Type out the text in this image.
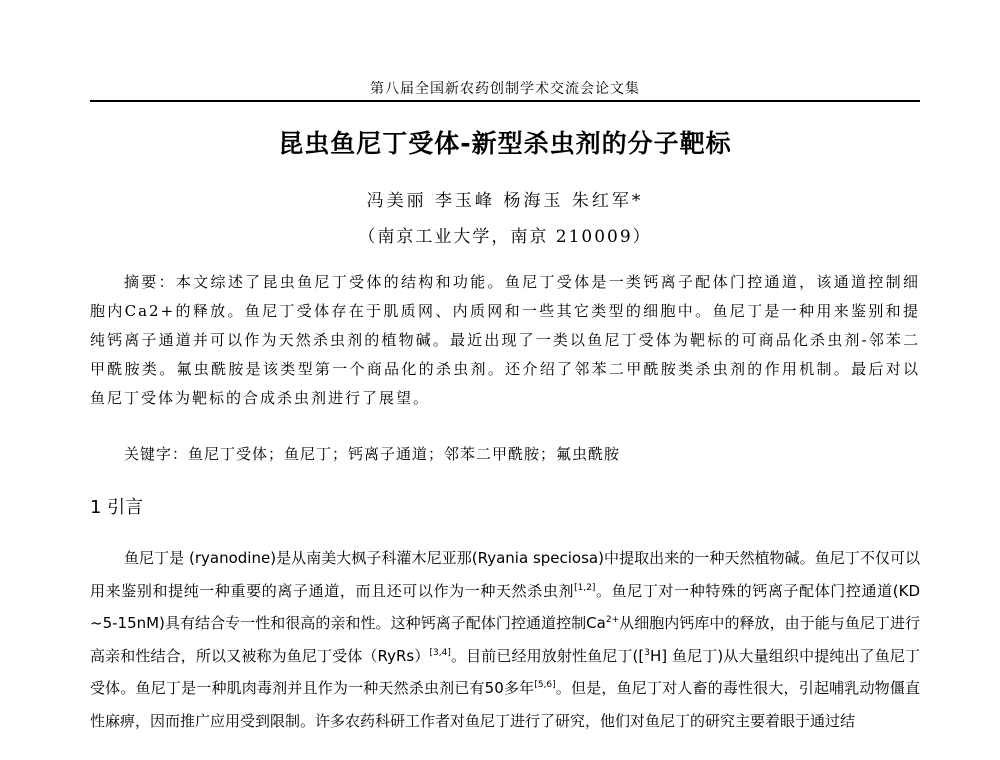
第八届全国新农药创制学术交流会论文集
昆虫鱼尼丁受体-新型杀虫剂的分子靶标
冯美丽 李玉峰 杨海玉 朱红军*
（南京工业大学，南京 210009）
摘要：本文综述了昆虫鱼尼丁受体的结构和功能。鱼尼丁受体是一类钙离子配体门控通道，该通道控制细胞内Ca2+的释放。鱼尼丁受体存在于肌质网、内质网和一些其它类型的细胞中。鱼尼丁是一种用来鉴别和提纯钙离子通道并可以作为天然杀虫剂的植物碱。最近出现了一类以鱼尼丁受体为靶标的可商品化杀虫剂-邻苯二甲酰胺类。氟虫酰胺是该类型第一个商品化的杀虫剂。还介绍了邻苯二甲酰胺类杀虫剂的作用机制。最后对以鱼尼丁受体为靶标的合成杀虫剂进行了展望。
关键字：鱼尼丁受体；鱼尼丁；钙离子通道；邻苯二甲酰胺；氟虫酰胺
1 引言
鱼尼丁是 (ryanodine)是从南美大枫子科灌木尼亚那(Ryania speciosa)中提取出来的一种天然植物碱。鱼尼丁不仅可以用来鉴别和提纯一种重要的离子通道，而且还可以作为一种天然杀虫剂[1,2]。鱼尼丁对一种特殊的钙离子配体门控通道(KD ~5-15nM)具有结合专一性和很高的亲和性。这种钙离子配体门控通道控制$Ca^{2+}$从细胞内钙库中的释放，由于能与鱼尼丁进行高亲和性结合，所以又被称为鱼尼丁受体（RyRs）[3,4]。目前已经用放射性鱼尼丁([$^3$H] 鱼尼丁)从大量组织中提纯出了鱼尼丁受体。鱼尼丁是一种肌肉毒剂并且作为一种天然杀虫剂已有50多年[5,6]。但是，鱼尼丁对人畜的毒性很大，引起哺乳动物僵直性麻痹，因而推广应用受到限制。许多农药科研工作者对鱼尼丁进行了研究，他们对鱼尼丁的研究主要着眼于通过结
